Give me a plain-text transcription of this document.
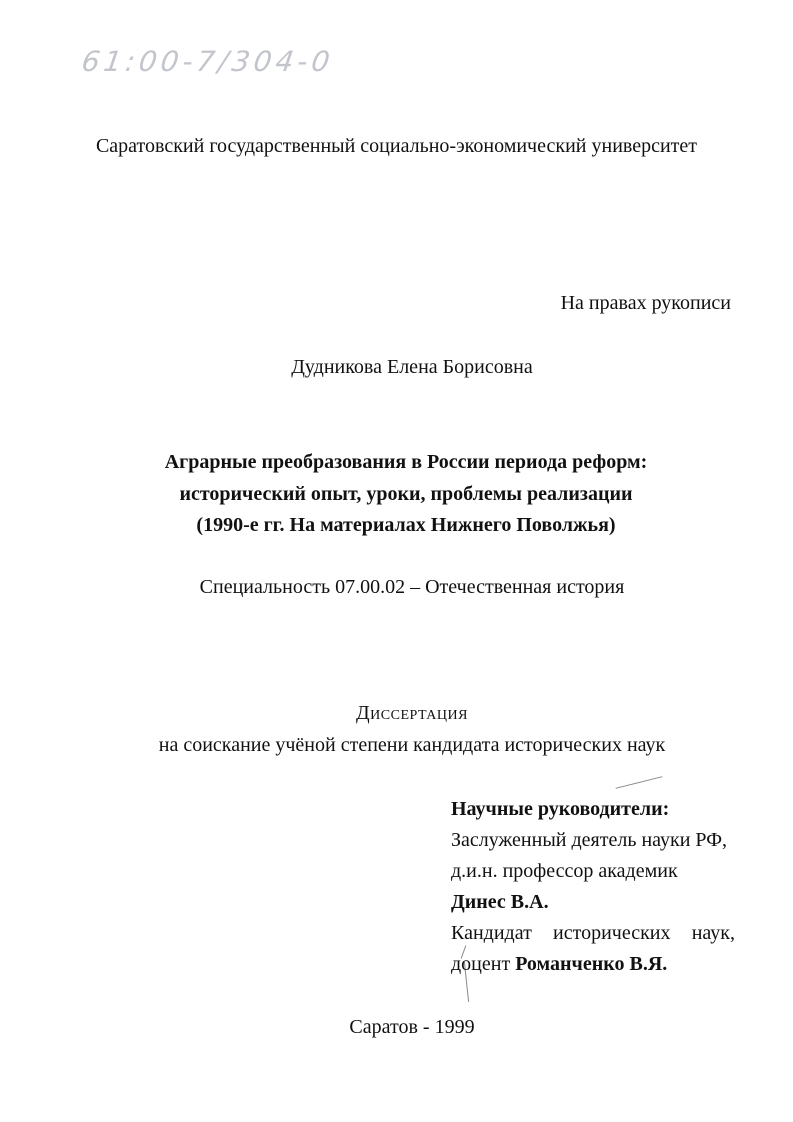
61:00-7/304-0
Саратовский государственный социально-экономический университет
На правах рукописи
Дудникова Елена Борисовна
Аграрные преобразования в России периода реформ:
исторический опыт, уроки, проблемы реализации
(1990-е гг. На материалах Нижнего Поволжья)
Специальность 07.00.02 – Отечественная история
Диссертация
на соискание учёной степени кандидата исторических наук
Научные руководители:
Заслуженный деятель науки РФ,
д.и.н. профессор академик
Динес В.А.
Кандидат исторических наук,
доцент Романченко В.Я.
Саратов - 1999
